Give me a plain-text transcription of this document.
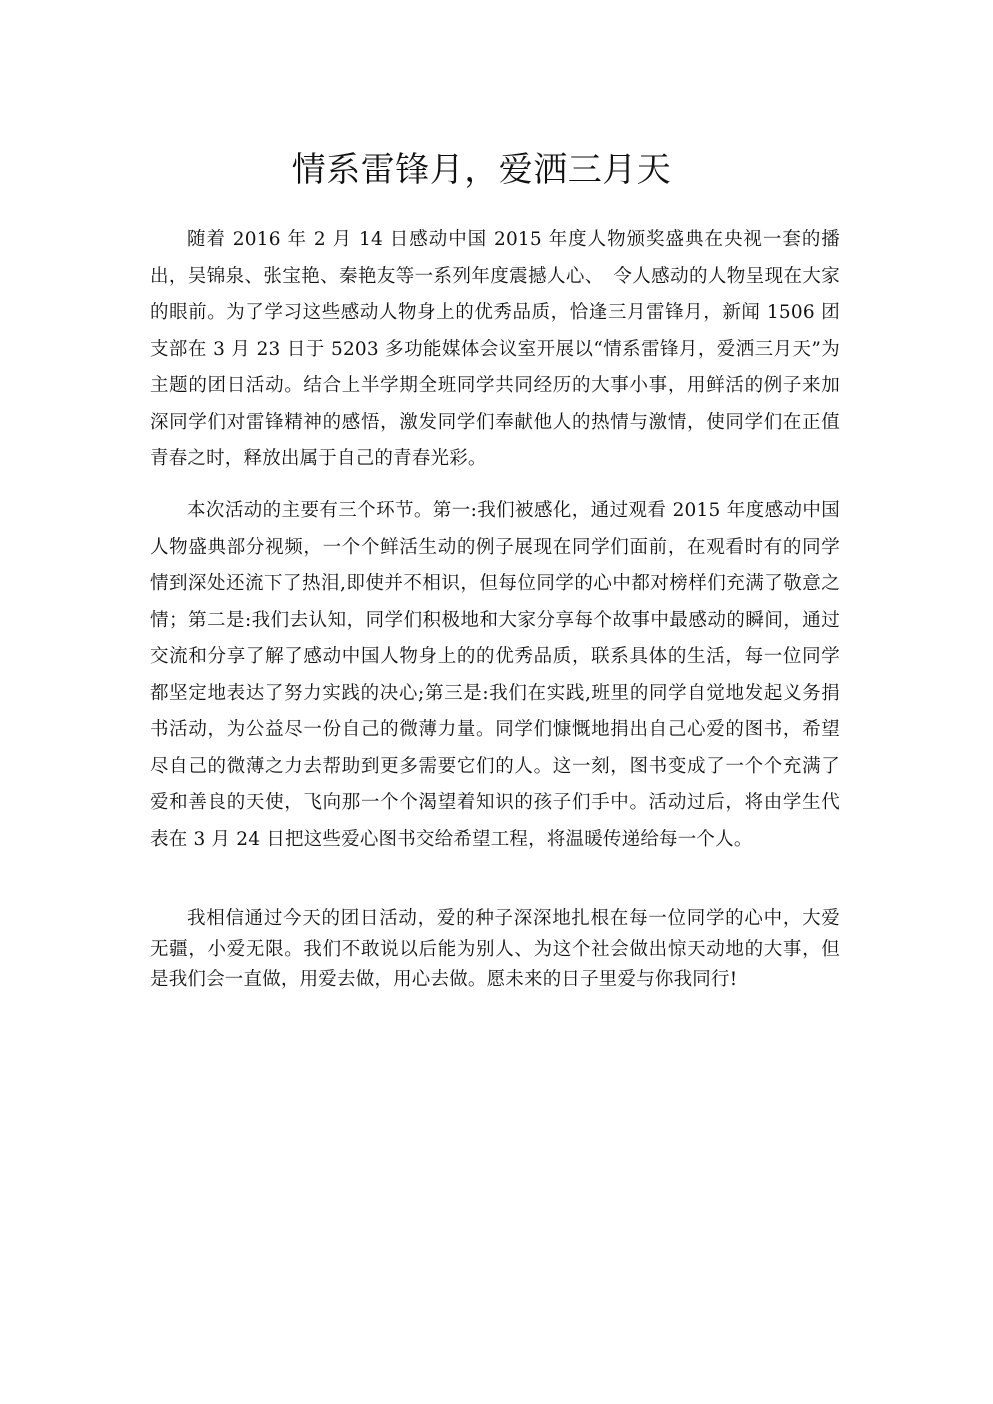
情系雷锋月，爱洒三月天

随着 2016 年 2 月 14 日感动中国 2015 年度人物颁奖盛典在央视一套的播出，吴锦泉、张宝艳、秦艳友等一系列年度震撼人心、　令人感动的人物呈现在大家的眼前。为了学习这些感动人物身上的优秀品质，恰逢三月雷锋月，新闻 1506 团支部在 3 月 23 日于 5203 多功能媒体会议室开展以“情系雷锋月，爱洒三月天”为主题的团日活动。结合上半学期全班同学共同经历的大事小事，用鲜活的例子来加深同学们对雷锋精神的感悟，激发同学们奉献他人的热情与激情，使同学们在正值青春之时，释放出属于自己的青春光彩。

本次活动的主要有三个环节。第一:我们被感化，通过观看 2015 年度感动中国人物盛典部分视频，一个个鲜活生动的例子展现在同学们面前，在观看时有的同学情到深处还流下了热泪,即使并不相识，但每位同学的心中都对榜样们充满了敬意之情；第二是:我们去认知，同学们积极地和大家分享每个故事中最感动的瞬间，通过交流和分享了解了感动中国人物身上的的优秀品质，联系具体的生活，每一位同学都坚定地表达了努力实践的决心;第三是:我们在实践,班里的同学自觉地发起义务捐书活动，为公益尽一份自己的微薄力量。同学们慷慨地捐出自己心爱的图书，希望尽自己的微薄之力去帮助到更多需要它们的人。这一刻，图书变成了一个个充满了爱和善良的天使，飞向那一个个渴望着知识的孩子们手中。活动过后，将由学生代表在 3 月 24 日把这些爱心图书交给希望工程，将温暖传递给每一个人。

我相信通过今天的团日活动，爱的种子深深地扎根在每一位同学的心中，大爱无疆，小爱无限。我们不敢说以后能为别人、为这个社会做出惊天动地的大事，但是我们会一直做，用爱去做，用心去做。愿未来的日子里爱与你我同行!
